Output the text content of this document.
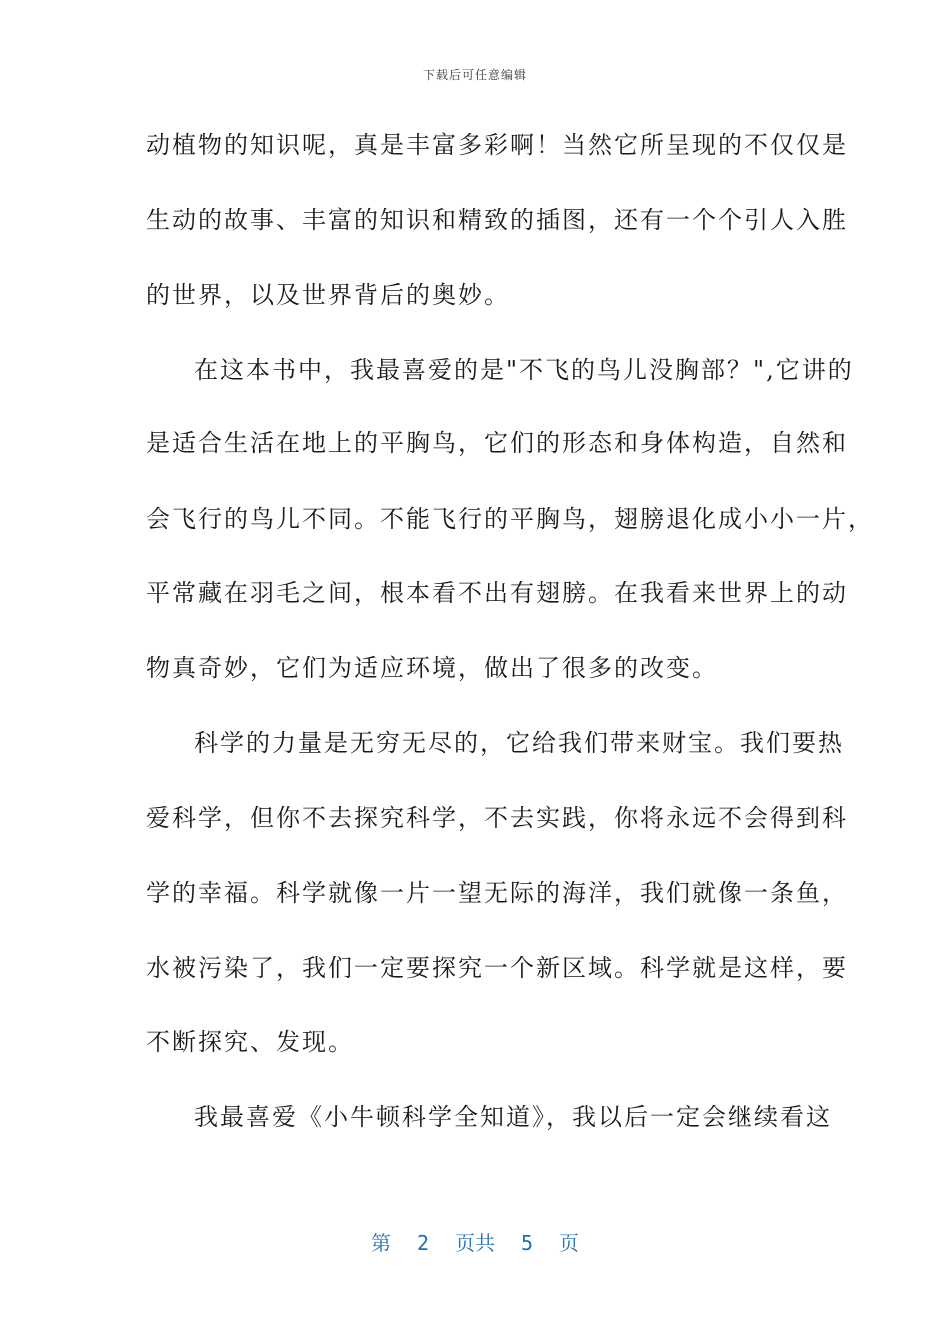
下载后可任意编辑
动植物的知识呢，真是丰富多彩啊！当然它所呈现的不仅仅是
生动的故事、丰富的知识和精致的插图，还有一个个引人入胜
的世界，以及世界背后的奥妙。
在这本书中，我最喜爱的是"不飞的鸟儿没胸部？",它讲的
是适合生活在地上的平胸鸟，它们的形态和身体构造，自然和
会飞行的鸟儿不同。不能飞行的平胸鸟，翅膀退化成小小一片，
平常藏在羽毛之间，根本看不出有翅膀。在我看来世界上的动
物真奇妙，它们为适应环境，做出了很多的改变。
科学的力量是无穷无尽的，它给我们带来财宝。我们要热
爱科学，但你不去探究科学，不去实践，你将永远不会得到科
学的幸福。科学就像一片一望无际的海洋，我们就像一条鱼，
水被污染了，我们一定要探究一个新区域。科学就是这样，要
不断探究、发现。
我最喜爱《小牛顿科学全知道》，我以后一定会继续看这
第 2 页共 5 页
